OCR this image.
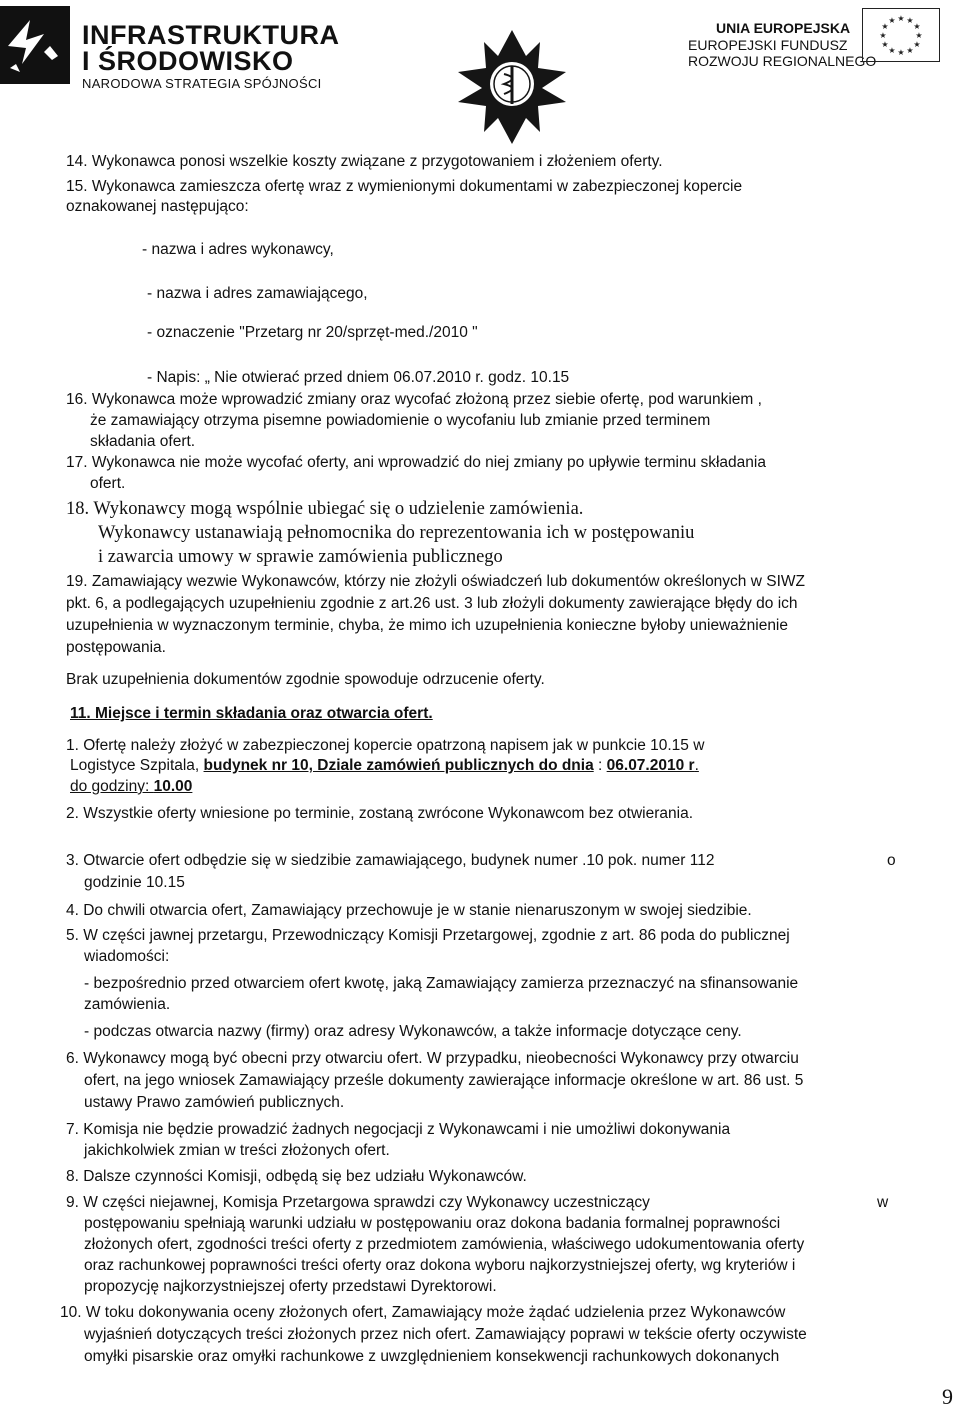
INFRASTRUKTURA
I ŚRODOWISKO
NARODOWA STRATEGIA SPÓJNOŚCI
UNIA EUROPEJSKA
EUROPEJSKI FUNDUSZ
ROZWOJU REGIONALNEGO
★ ★
★
★
★
★
★
★
★
★
★
★
14. Wykonawca ponosi wszelkie koszty związane z przygotowaniem i złożeniem oferty.
15. Wykonawca zamieszcza ofertę wraz z wymienionymi dokumentami w zabezpieczonej kopercie
oznakowanej następująco:
- nazwa i adres wykonawcy,
- nazwa i adres zamawiającego,
- oznaczenie "Przetarg nr 20/sprzęt-med./2010 "
- Napis: „ Nie otwierać przed dniem 06.07.2010 r. godz. 10.15
16. Wykonawca może wprowadzić zmiany oraz wycofać złożoną przez siebie ofertę, pod warunkiem ,
że zamawiający otrzyma pisemne powiadomienie o wycofaniu lub zmianie przed terminem
składania ofert.
17. Wykonawca nie może wycofać oferty, ani wprowadzić do niej zmiany po upływie terminu składania
ofert.
18. Wykonawcy mogą wspólnie ubiegać się o udzielenie zamówienia.
Wykonawcy ustanawiają pełnomocnika do reprezentowania ich w postępowaniu
i zawarcia umowy w sprawie zamówienia publicznego
19. Zamawiający wezwie Wykonawców, którzy nie złożyli oświadczeń lub dokumentów określonych w SIWZ
pkt. 6, a podlegających uzupełnieniu zgodnie z art.26 ust. 3 lub złożyli dokumenty zawierające błędy do ich
uzupełnienia w wyznaczonym terminie, chyba, że mimo ich uzupełnienia konieczne byłoby unieważnienie
postępowania.
Brak uzupełnienia dokumentów zgodnie spowoduje odrzucenie oferty.
11. Miejsce i termin składania oraz otwarcia ofert.
1. Ofertę należy złożyć w zabezpieczonej kopercie opatrzoną napisem jak w punkcie 10.15 w
Logistyce Szpitala, budynek nr 10, Dziale zamówień publicznych do dnia : 06.07.2010 r.
do godziny: 10.00
2. Wszystkie oferty wniesione po terminie, zostaną zwrócone Wykonawcom bez otwierania.
3. Otwarcie ofert odbędzie się w siedzibie zamawiającego, budynek numer .10 pok. numer 112	o
godzinie 10.15
4. Do chwili otwarcia ofert, Zamawiający przechowuje je w stanie nienaruszonym w swojej siedzibie.
5. W części jawnej przetargu, Przewodniczący Komisji Przetargowej, zgodnie z art. 86 poda do publicznej
wiadomości:
- bezpośrednio przed otwarciem ofert kwotę, jaką Zamawiający zamierza przeznaczyć na sfinansowanie
zamówienia.
- podczas otwarcia nazwy (firmy) oraz adresy Wykonawców, a także informacje dotyczące ceny.
6. Wykonawcy mogą być obecni przy otwarciu ofert. W przypadku, nieobecności Wykonawcy przy otwarciu
ofert, na jego wniosek Zamawiający prześle dokumenty zawierające informacje określone w art. 86 ust. 5
ustawy Prawo zamówień publicznych.
7. Komisja nie będzie prowadzić żadnych negocjacji z Wykonawcami i nie umożliwi dokonywania
jakichkolwiek zmian w treści złożonych ofert.
8. Dalsze czynności Komisji, odbędą się bez udziału Wykonawców.
9. W części niejawnej, Komisja Przetargowa sprawdzi czy Wykonawcy uczestniczący	w
postępowaniu spełniają warunki udziału w postępowaniu oraz dokona badania formalnej poprawności
złożonych ofert, zgodności treści oferty z przedmiotem zamówienia, właściwego udokumentowania oferty
oraz rachunkowej poprawności treści oferty oraz dokona wyboru najkorzystniejszej oferty, wg kryteriów i
propozycję najkorzystniejszej oferty przedstawi Dyrektorowi.
10. W toku dokonywania oceny złożonych ofert, Zamawiający może żądać udzielenia przez Wykonawców
wyjaśnień dotyczących treści złożonych przez nich ofert. Zamawiający poprawi w tekście oferty oczywiste
omyłki pisarskie oraz omyłki rachunkowe z uwzględnieniem konsekwencji rachunkowych dokonanych
9
